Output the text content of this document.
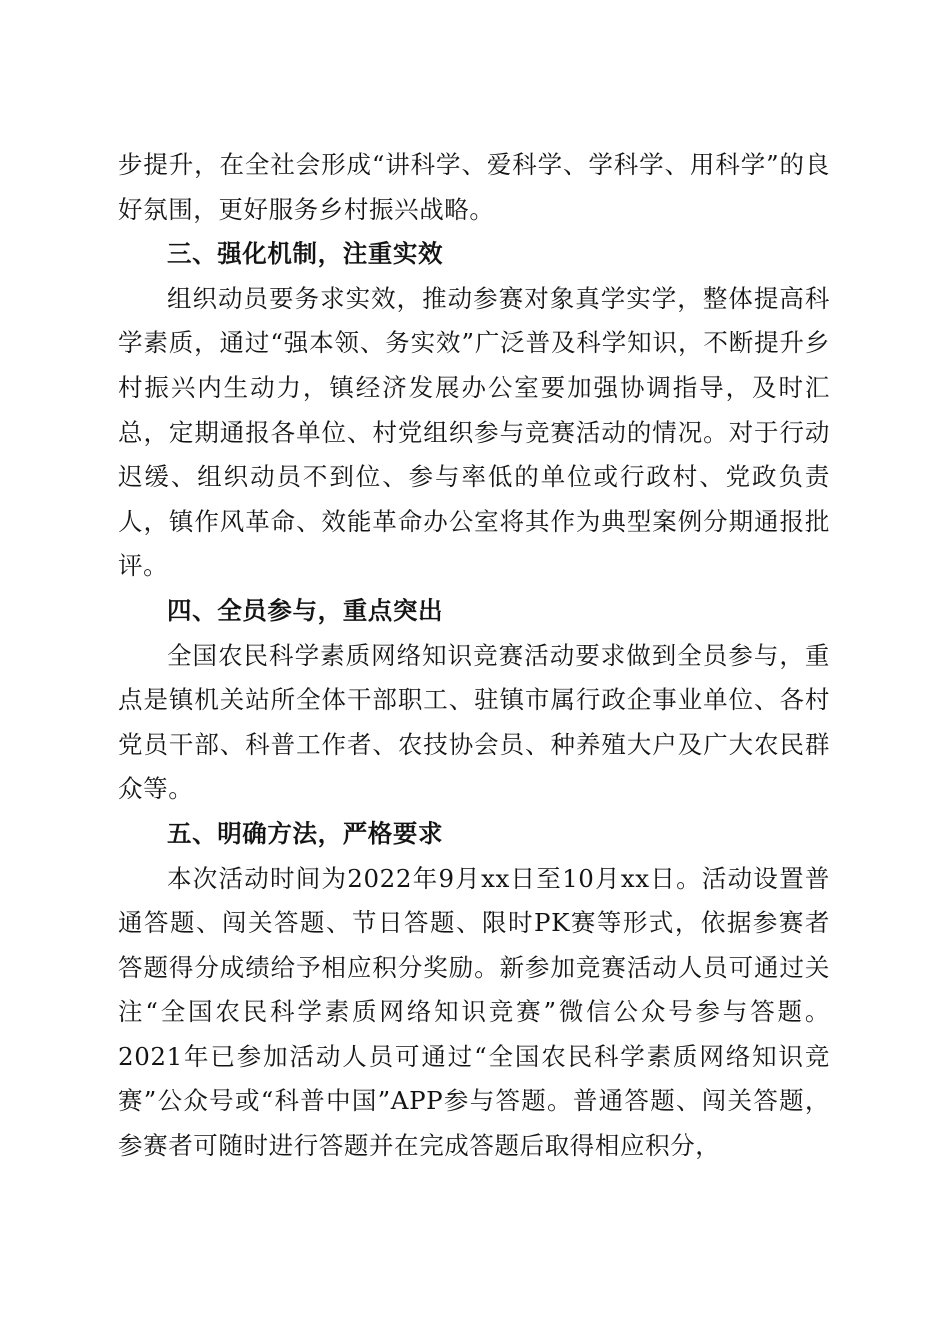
步提升，在全社会形成“讲科学、爱科学、学科学、用科学”的良好氛围，更好服务乡村振兴战略。

三、强化机制，注重实效

组织动员要务求实效，推动参赛对象真学实学，整体提高科学素质，通过“强本领、务实效”广泛普及科学知识，不断提升乡村振兴内生动力，镇经济发展办公室要加强协调指导，及时汇总，定期通报各单位、村党组织参与竞赛活动的情况。对于行动迟缓、组织动员不到位、参与率低的单位或行政村、党政负责人，镇作风革命、效能革命办公室将其作为典型案例分期通报批评。

四、全员参与，重点突出

全国农民科学素质网络知识竞赛活动要求做到全员参与，重点是镇机关站所全体干部职工、驻镇市属行政企事业单位、各村党员干部、科普工作者、农技协会员、种养殖大户及广大农民群众等。

五、明确方法，严格要求

本次活动时间为2022年9月xx日至10月xx日。活动设置普通答题、闯关答题、节日答题、限时PK赛等形式，依据参赛者答题得分成绩给予相应积分奖励。新参加竞赛活动人员可通过关注“全国农民科学素质网络知识竞赛”微信公众号参与答题。2021年已参加活动人员可通过“全国农民科学素质网络知识竞赛”公众号或“科普中国”APP参与答题。普通答题、闯关答题，参赛者可随时进行答题并在完成答题后取得相应积分，
